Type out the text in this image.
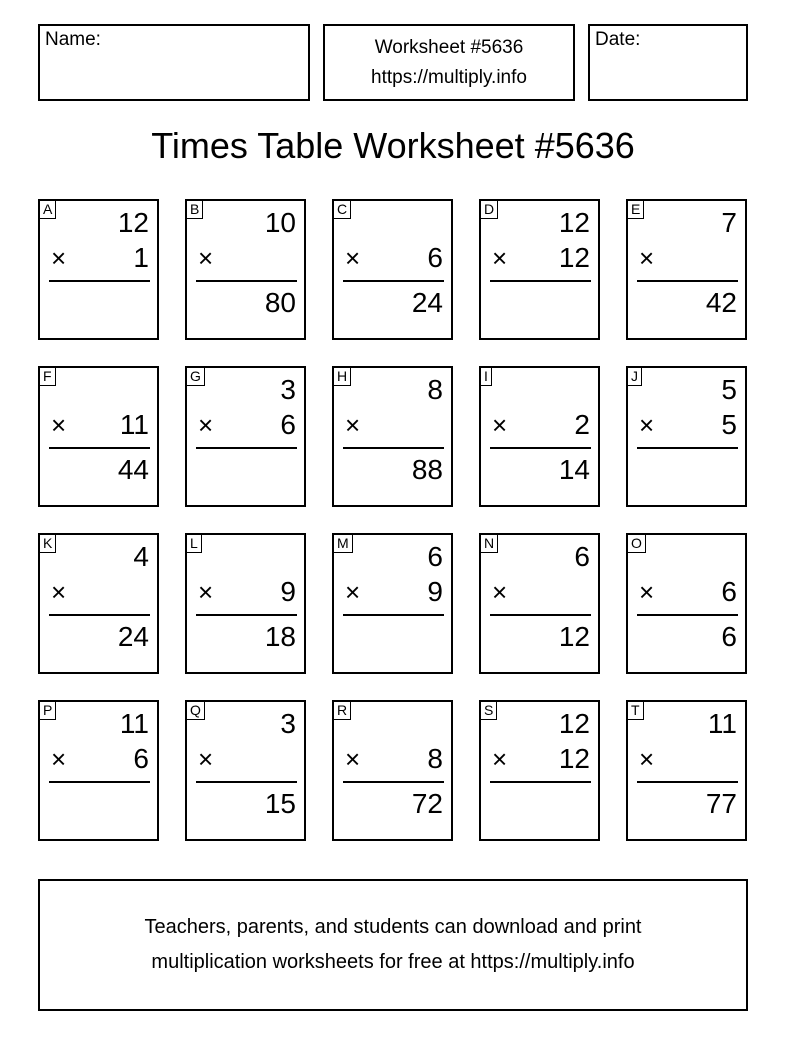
Name:	Worksheet #5636
https://multiply.info
Date:
Times Table Worksheet #5636
A 12
× 1
B 10
×
80
C
× 6
24
D 12
× 12
E	7
×
42
F
× 11
44
G	3
× 6
H	8
×
88
I
× 2
14
J	5
× 5
K	4
×
24
L
× 9
18
M	6
× 9
N	6
×
12
O
× 6
6
P 11
× 6
Q	3
×
15
R
× 8
72
S 12
× 12
T 11
×
77
Teachers, parents, and students can download and print
multiplication worksheets for free at https://multiply.info
